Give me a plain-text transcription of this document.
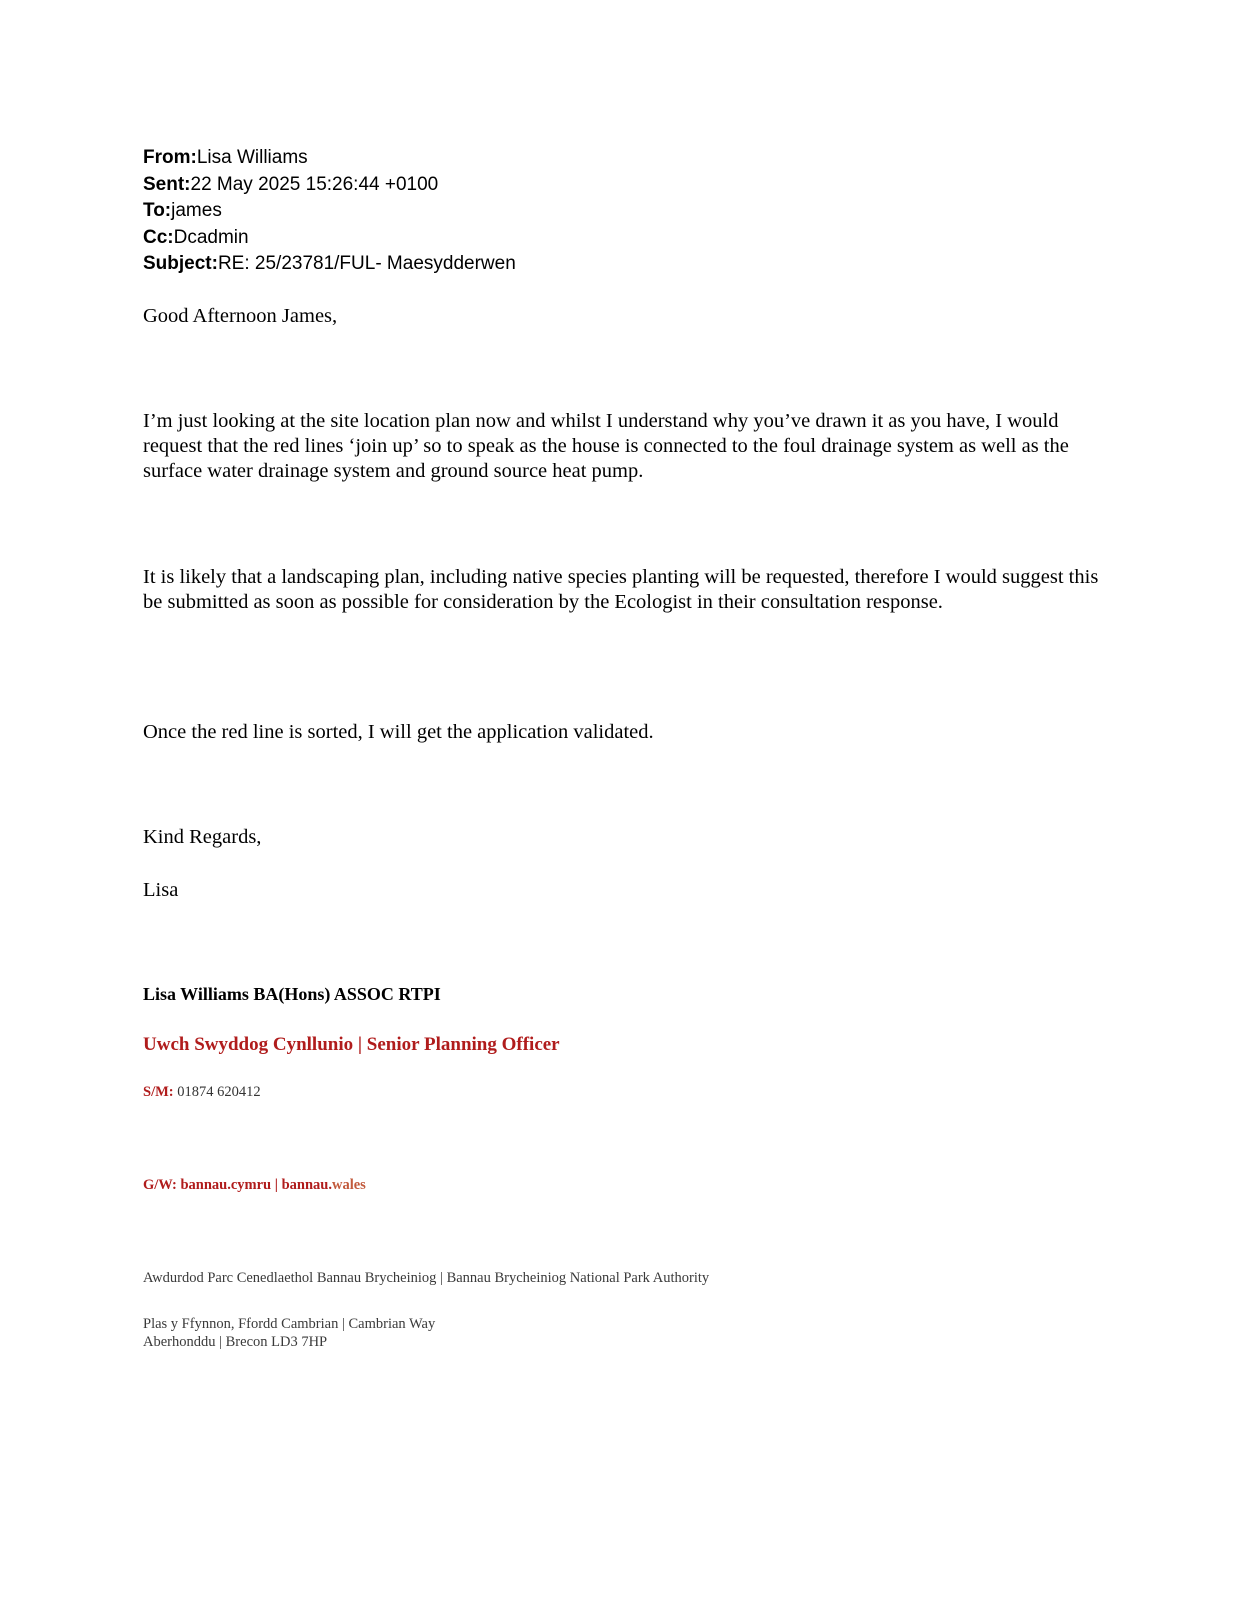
From:Lisa Williams
Sent:22 May 2025 15:26:44 +0100
To:james
Cc:Dcadmin
Subject:RE: 25/23781/FUL- Maesydderwen

Good Afternoon James,

I’m just looking at the site location plan now and whilst I understand why you’ve drawn it as you have, I would request that the red lines ‘join up’ so to speak as the house is connected to the foul drainage system as well as the surface water drainage system and ground source heat pump.

It is likely that a landscaping plan, including native species planting will be requested, therefore I would suggest this be submitted as soon as possible for consideration by the Ecologist in their consultation response.

Once the red line is sorted, I will get the application validated.

Kind Regards,

Lisa

Lisa Williams BA(Hons) ASSOC RTPI
Uwch Swyddog Cynllunio | Senior Planning Officer
S/M: 01874 620412
G/W: bannau.cymru | bannau.wales
Awdurdod Parc Cenedlaethol Bannau Brycheiniog | Bannau Brycheiniog National Park Authority
Plas y Ffynnon, Ffordd Cambrian | Cambrian Way
Aberhonddu | Brecon LD3 7HP
